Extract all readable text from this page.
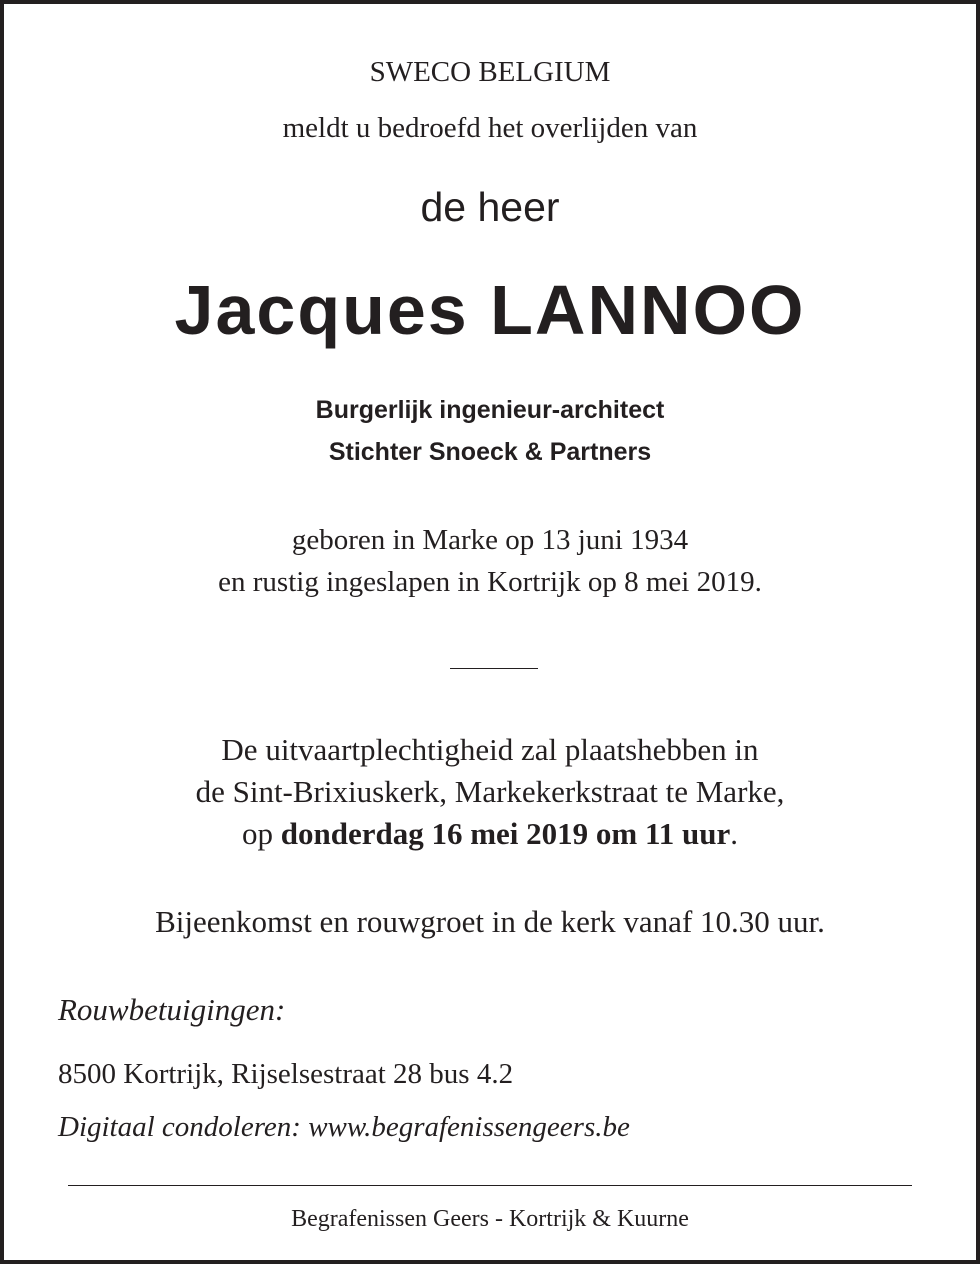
SWECO BELGIUM
meldt u bedroefd het overlijden van
de heer
Jacques LANNOO
Burgerlijk ingenieur-architect
Stichter Snoeck & Partners
geboren in Marke op 13 juni 1934
en rustig ingeslapen in Kortrijk op 8 mei 2019.
De uitvaartplechtigheid zal plaatshebben in
de Sint-Brixiuskerk, Markekerkstraat te Marke,
op donderdag 16 mei 2019 om 11 uur.
Bijeenkomst en rouwgroet in de kerk vanaf 10.30 uur.
Rouwbetuigingen:
8500 Kortrijk, Rijselsestraat 28 bus 4.2
Digitaal condoleren: www.begrafenissengeers.be
Begrafenissen Geers - Kortrijk & Kuurne
